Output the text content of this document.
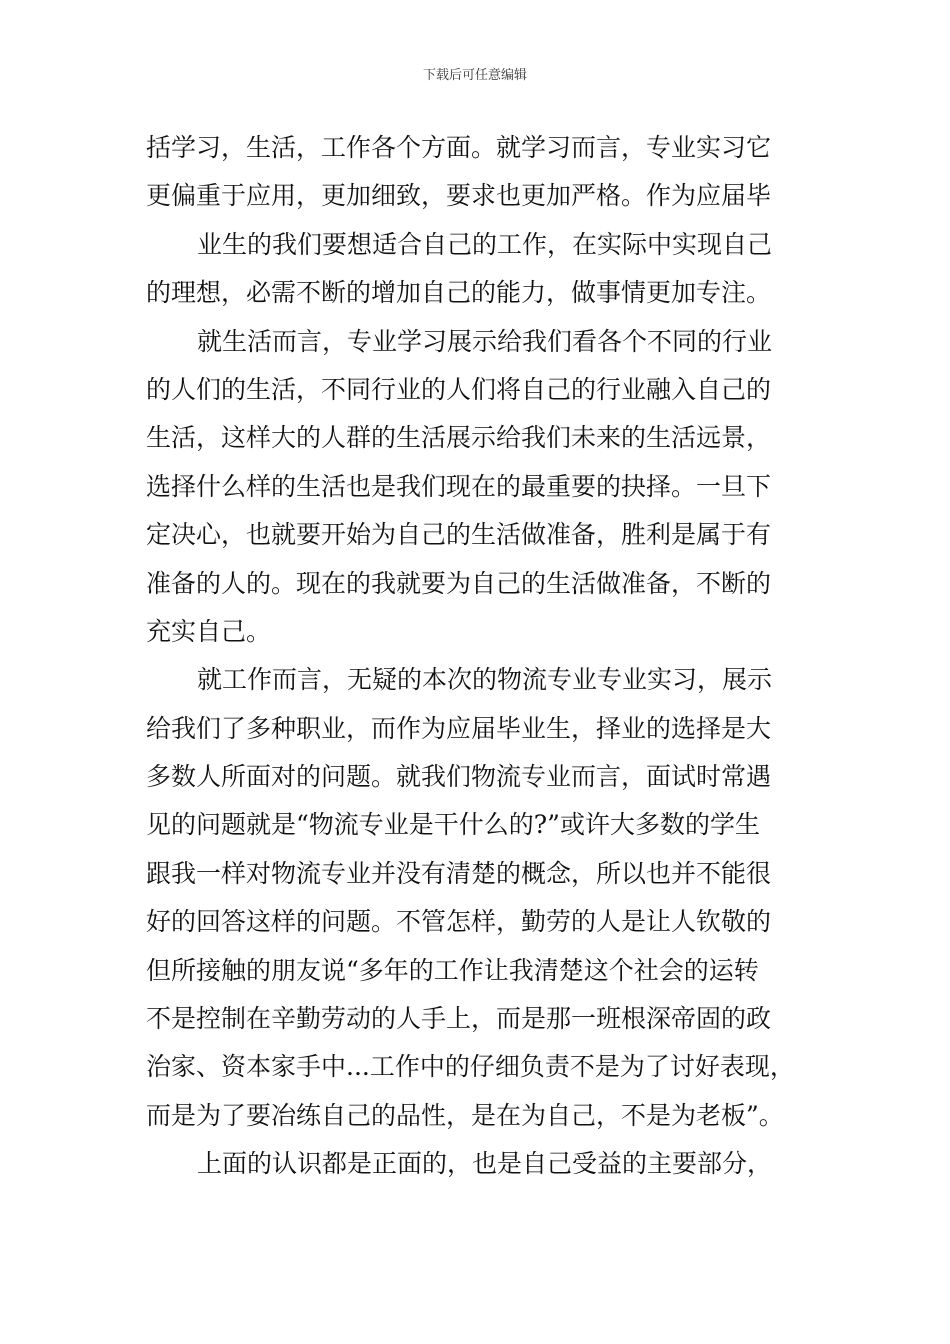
下载后可任意编辑
括学习，生活，工作各个方面。就学习而言，专业实习它
更偏重于应用，更加细致，要求也更加严格。作为应届毕
业生的我们要想适合自己的工作，在实际中实现自己
的理想，必需不断的增加自己的能力，做事情更加专注。
就生活而言，专业学习展示给我们看各个不同的行业
的人们的生活，不同行业的人们将自己的行业融入自己的
生活，这样大的人群的生活展示给我们未来的生活远景，
选择什么样的生活也是我们现在的最重要的抉择。一旦下
定决心，也就要开始为自己的生活做准备，胜利是属于有
准备的人的。现在的我就要为自己的生活做准备，不断的
充实自己。
就工作而言，无疑的本次的物流专业专业实习，展示
给我们了多种职业，而作为应届毕业生，择业的选择是大
多数人所面对的问题。就我们物流专业而言，面试时常遇
见的问题就是“物流专业是干什么的?”或许大多数的学生
跟我一样对物流专业并没有清楚的概念，所以也并不能很
好的回答这样的问题。不管怎样，勤劳的人是让人钦敬的
但所接触的朋友说“多年的工作让我清楚这个社会的运转
不是控制在辛勤劳动的人手上，而是那一班根深帝固的政
治家、资本家手中...工作中的仔细负责不是为了讨好表现，
而是为了要冶练自己的品性，是在为自己，不是为老板”。
上面的认识都是正面的，也是自己受益的主要部分，
